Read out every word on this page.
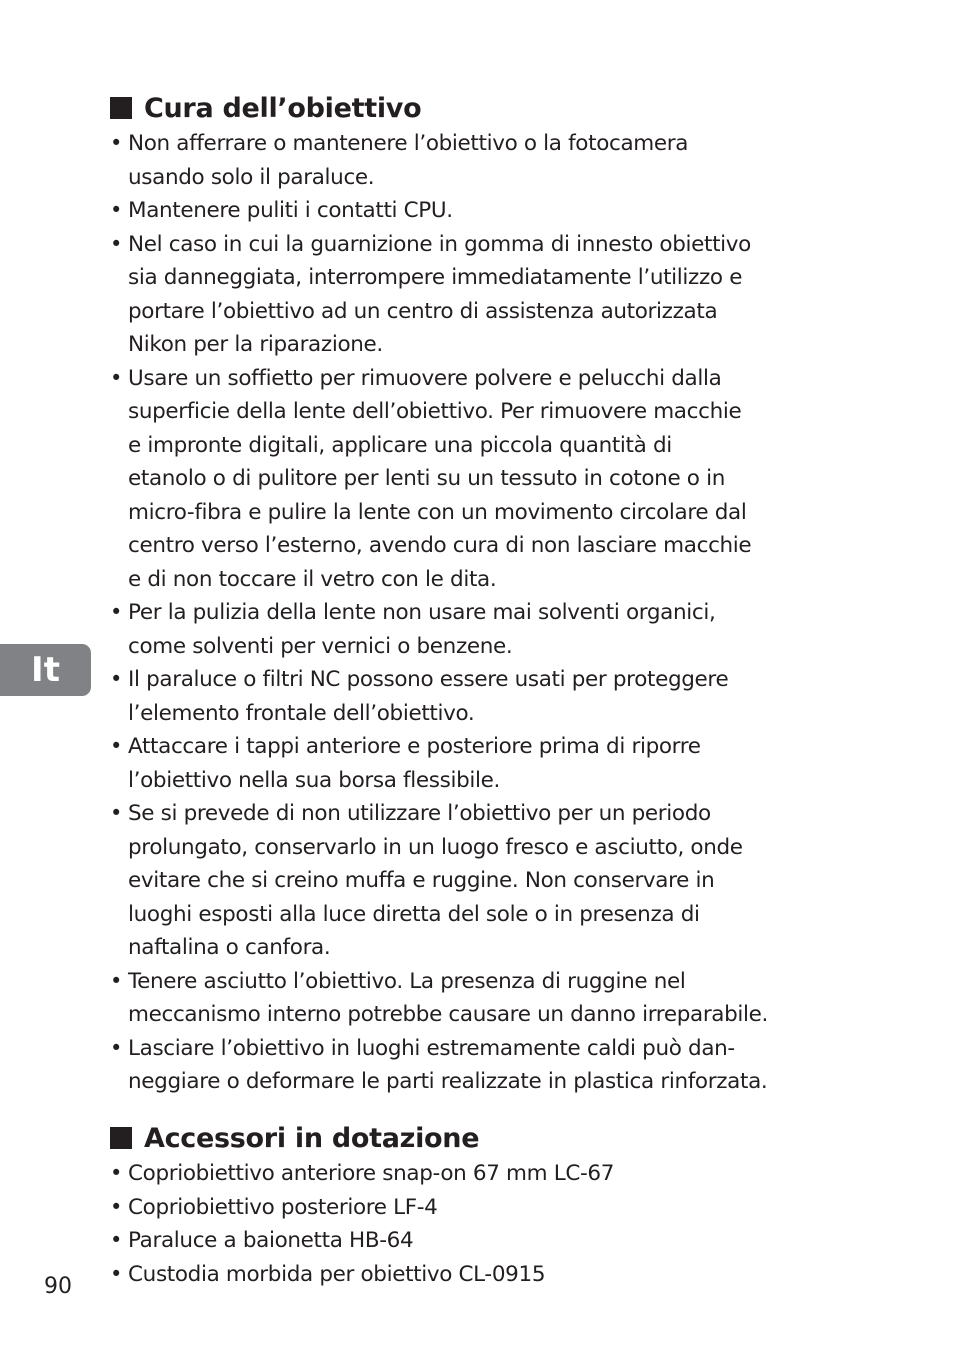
Cura dell’obiettivo
• Non afferrare o mantenere l’obiettivo o la fotocamera
usando solo il paraluce.
• Mantenere puliti i contatti CPU.
• Nel caso in cui la guarnizione in gomma di innesto obiettivo
sia danneggiata, interrompere immediatamente l’utilizzo e
portare l’obiettivo ad un centro di assistenza autorizzata
Nikon per la riparazione.
• Usare un soffietto per rimuovere polvere e pelucchi dalla
superficie della lente dell’obiettivo. Per rimuovere macchie
e impronte digitali, applicare una piccola quantità di
etanolo o di pulitore per lenti su un tessuto in cotone o in
micro-fibra e pulire la lente con un movimento circolare dal
centro verso l’esterno, avendo cura di non lasciare macchie
e di non toccare il vetro con le dita.
• Per la pulizia della lente non usare mai solventi organici,
come solventi per vernici o benzene.
• Il paraluce o filtri NC possono essere usati per proteggere
l’elemento frontale dell’obiettivo.
• Attaccare i tappi anteriore e posteriore prima di riporre
l’obiettivo nella sua borsa flessibile.
• Se si prevede di non utilizzare l’obiettivo per un periodo
prolungato, conservarlo in un luogo fresco e asciutto, onde
evitare che si creino muffa e ruggine. Non conservare in
luoghi esposti alla luce diretta del sole o in presenza di
naftalina o canfora.
• Tenere asciutto l’obiettivo. La presenza di ruggine nel
meccanismo interno potrebbe causare un danno irreparabile.
• Lasciare l’obiettivo in luoghi estremamente caldi può dan-
neggiare o deformare le parti realizzate in plastica rinforzata.
Accessori in dotazione
• Copriobiettivo anteriore snap-on 67 mm LC-67
• Copriobiettivo posteriore LF-4
• Paraluce a baionetta HB-64
• Custodia morbida per obiettivo CL-0915
It
90
